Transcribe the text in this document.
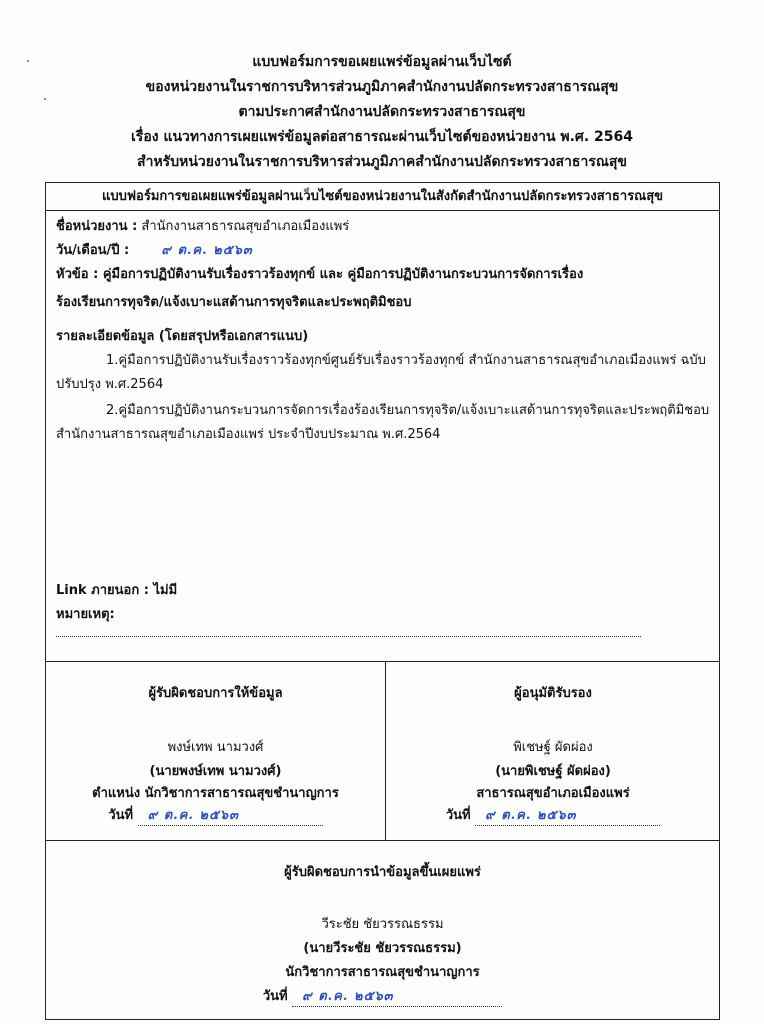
แบบฟอร์มการขอเผยแพร่ข้อมูลผ่านเว็บไซต์
ของหน่วยงานในราชการบริหารส่วนภูมิภาคสำนักงานปลัดกระทรวงสาธารณสุข
ตามประกาศสำนักงานปลัดกระทรวงสาธารณสุข
เรื่อง แนวทางการเผยแพร่ข้อมูลต่อสาธารณะผ่านเว็บไซต์ของหน่วยงาน พ.ศ. 2564
สำหรับหน่วยงานในราชการบริหารส่วนภูมิภาคสำนักงานปลัดกระทรวงสาธารณสุข
แบบฟอร์มการขอเผยแพร่ข้อมูลผ่านเว็บไซต์ของหน่วยงานในสังกัดสำนักงานปลัดกระทรวงสาธารณสุข
ชื่อหน่วยงาน : สำนักงานสาธารณสุขอำเภอเมืองแพร่
วัน/เดือน/ปี : ๙ ต.ค. ๒๕๖๓
หัวข้อ : คู่มือการปฏิบัติงานรับเรื่องราวร้องทุกข์ และ คู่มือการปฏิบัติงานกระบวนการจัดการเรื่อง
ร้องเรียนการทุจริต/แจ้งเบาะแสด้านการทุจริตและประพฤติมิชอบ
รายละเอียดข้อมูล (โดยสรุปหรือเอกสารแนบ)
1.คู่มือการปฏิบัติงานรับเรื่องราวร้องทุกข์ศูนย์รับเรื่องราวร้องทุกข์ สำนักงานสาธารณสุขอำเภอเมืองแพร่ ฉบับปรับปรุง พ.ศ.2564
2.คู่มือการปฏิบัติงานกระบวนการจัดการเรื่องร้องเรียนการทุจริต/แจ้งเบาะแสด้านการทุจริตและประพฤติมิชอบ สำนักงานสาธารณสุขอำเภอเมืองแพร่ ประจำปีงบประมาณ พ.ศ.2564
Link ภายนอก : ไม่มี
หมายเหตุ:
ผู้รับผิดชอบการให้ข้อมูล
พงษ์เทพ นามวงศ์
(นายพงษ์เทพ นามวงศ์)
ตำแหน่ง นักวิชาการสาธารณสุขชำนาญการ
วันที่ ๙ ต.ค. ๒๕๖๓
ผู้อนุมัติรับรอง
พิเชษฐ์ ผัดผ่อง
(นายพิเชษฐ์ ผัดผ่อง)
สาธารณสุขอำเภอเมืองแพร่
วันที่ ๙ ต.ค. ๒๕๖๓
ผู้รับผิดชอบการนำข้อมูลขึ้นเผยแพร่
วีระชัย ชัยวรรณธรรม
(นายวีระชัย ชัยวรรณธรรม)
นักวิชาการสาธารณสุขชำนาญการ
วันที่ ๙ ต.ค. ๒๕๖๓
